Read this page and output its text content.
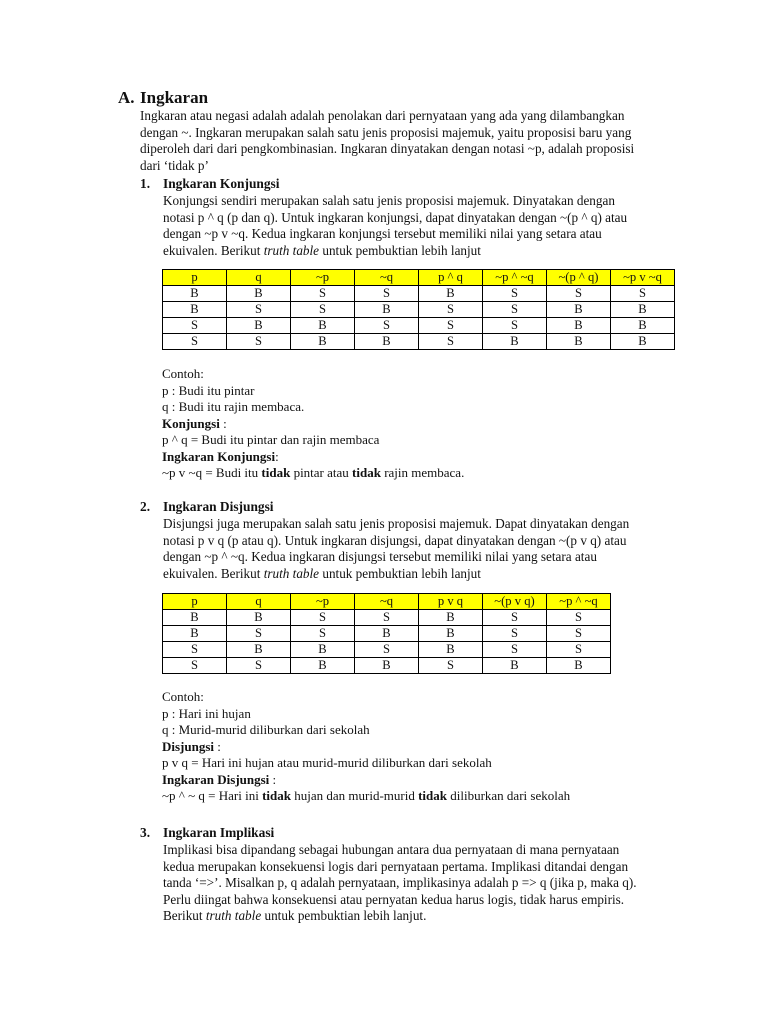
A. Ingkaran
Ingkaran atau negasi adalah adalah penolakan dari pernyataan yang ada yang dilambangkan
dengan ~. Ingkaran merupakan salah satu jenis proposisi majemuk, yaitu proposisi baru yang
diperoleh dari dari pengkombinasian. Ingkaran dinyatakan dengan notasi ~p, adalah proposisi
dari ‘tidak p’
1. Ingkaran Konjungsi
Konjungsi sendiri merupakan salah satu jenis proposisi majemuk. Dinyatakan dengan
notasi p ^ q (p dan q). Untuk ingkaran konjungsi, dapat dinyatakan dengan ~(p ^ q) atau
dengan ~p v ~q. Kedua ingkaran konjungsi tersebut memiliki nilai yang setara atau
ekuivalen. Berikut truth table untuk pembuktian lebih lanjut
p	q	~p	~q	p ^ q	~p ^ ~q	~(p ^ q)	~p v ~q
B	B	S	S	B	S	S	S
B	S	S	B	S	S	B	B
S	B	B	S	S	S	B	B
S	S	B	B	S	B	B	B
Contoh:
p : Budi itu pintar
q : Budi itu rajin membaca.
Konjungsi :
p ^ q = Budi itu pintar dan rajin membaca
Ingkaran Konjungsi:
~p v ~q = Budi itu tidak pintar atau tidak rajin membaca.
2. Ingkaran Disjungsi
Disjungsi juga merupakan salah satu jenis proposisi majemuk. Dapat dinyatakan dengan
notasi p v q (p atau q). Untuk ingkaran disjungsi, dapat dinyatakan dengan ~(p v q) atau
dengan ~p ^ ~q. Kedua ingkaran disjungsi tersebut memiliki nilai yang setara atau
ekuivalen. Berikut truth table untuk pembuktian lebih lanjut
p	q	~p	~q	p v q	~(p v q)	~p ^ ~q
B	B	S	S	B	S	S
B	S	S	B	B	S	S
S	B	B	S	B	S	S
S	S	B	B	S	B	B
Contoh:
p : Hari ini hujan
q : Murid-murid diliburkan dari sekolah
Disjungsi :
p v q = Hari ini hujan atau murid-murid diliburkan dari sekolah
Ingkaran Disjungsi :
~p ^ ~ q = Hari ini tidak hujan dan murid-murid tidak diliburkan dari sekolah
3. Ingkaran Implikasi
Implikasi bisa dipandang sebagai hubungan antara dua pernyataan di mana pernyataan
kedua merupakan konsekuensi logis dari pernyataan pertama. Implikasi ditandai dengan
tanda ‘=>’. Misalkan p, q adalah pernyataan, implikasinya adalah p => q (jika p, maka q).
Perlu diingat bahwa konsekuensi atau pernyatan kedua harus logis, tidak harus empiris.
Berikut truth table untuk pembuktian lebih lanjut.
